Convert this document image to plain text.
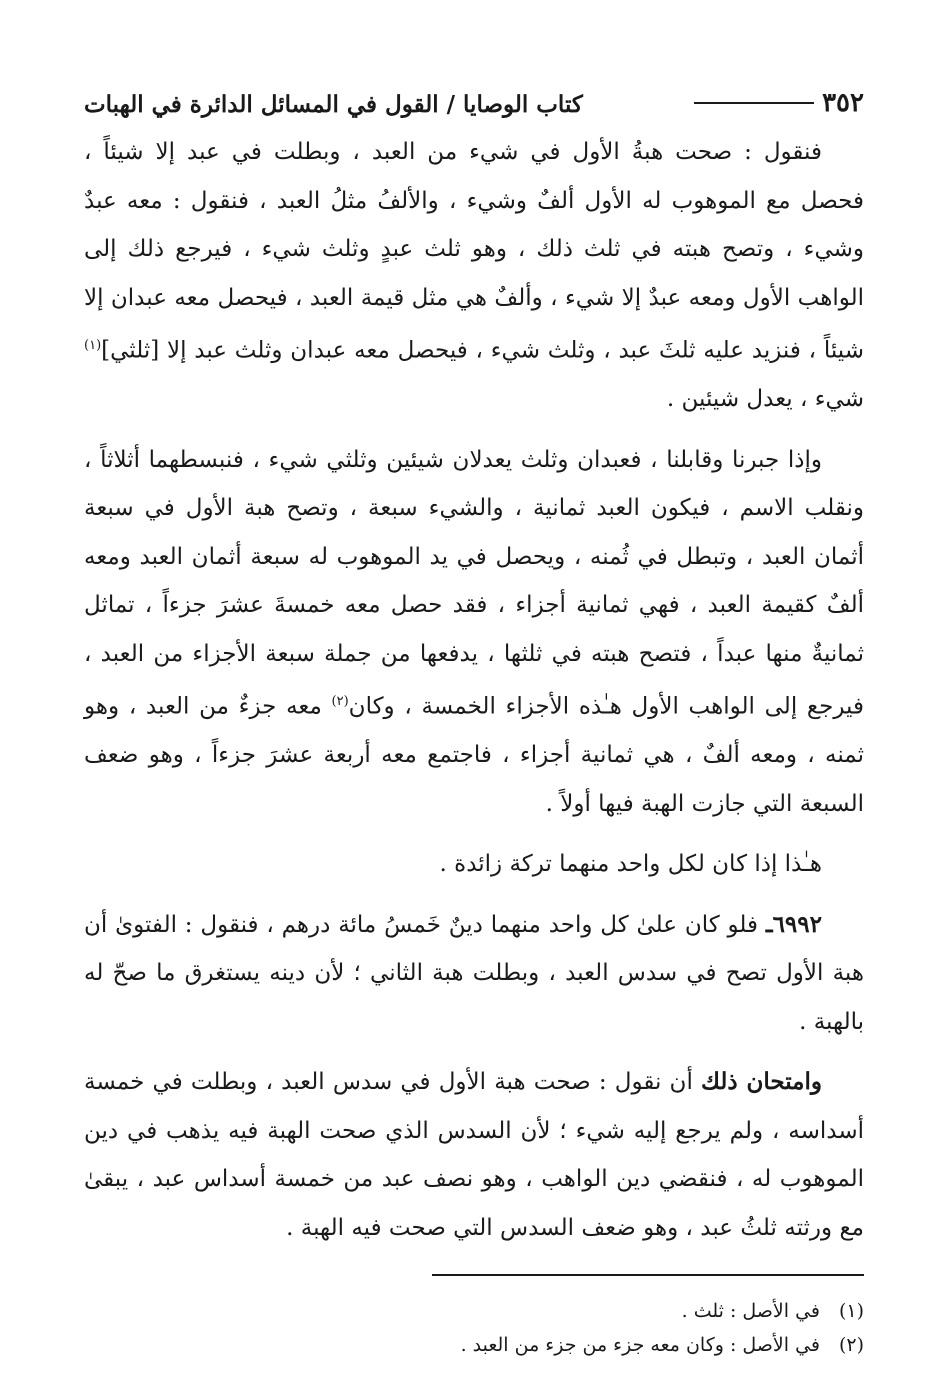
٣٥٢
كتاب الوصايا / القول في المسائل الدائرة في الهبات

فنقول : صحت هبةُ الأول في شيء من العبد ، وبطلت في عبد إلا شيئاً ، فحصل مع الموهوب له الأول ألفٌ وشيء ، والألفُ مثلُ العبد ، فنقول : معه عبدٌ وشيء ، وتصح هبته في ثلث ذلك ، وهو ثلث عبدٍ وثلث شيء ، فيرجع ذلك إلى الواهب الأول ومعه عبدٌ إلا شيء ، وألفٌ هي مثل قيمة العبد ، فيحصل معه عبدان إلا شيئاً ، فنزيد عليه ثلثَ عبد ، وثلث شيء ، فيحصل معه عبدان وثلث عبد إلا [ثلثي]$^{(١)}$ شيء ، يعدل شيئين .

وإذا جبرنا وقابلنا ، فعبدان وثلث يعدلان شيئين وثلثي شيء ، فنبسطهما أثلاثاً ، ونقلب الاسم ، فيكون العبد ثمانية ، والشيء سبعة ، وتصح هبة الأول في سبعة أثمان العبد ، وتبطل في ثُمنه ، ويحصل في يد الموهوب له سبعة أثمان العبد ومعه ألفٌ كقيمة العبد ، فهي ثمانية أجزاء ، فقد حصل معه خمسةَ عشرَ جزءاً ، تماثل ثمانيةٌ منها عبداً ، فتصح هبته في ثلثها ، يدفعها من جملة سبعة الأجزاء من العبد ، فيرجع إلى الواهب الأول هـٰذه الأجزاء الخمسة ، وكان$^{(٢)}$ معه جزءٌ من العبد ، وهو ثمنه ، ومعه ألفٌ ، هي ثمانية أجزاء ، فاجتمع معه أربعة عشرَ جزءاً ، وهو ضعف السبعة التي جازت الهبة فيها أولاً .

هـٰذا إذا كان لكل واحد منهما تركة زائدة .

٦٩٩٢ـ فلو كان علىٰ كل واحد منهما دينٌ خَمسُ مائة درهم ، فنقول : الفتوىٰ أن هبة الأول تصح في سدس العبد ، وبطلت هبة الثاني ؛ لأن دينه يستغرق ما صحّ له بالهبة .

وامتحان ذلك أن نقول : صحت هبة الأول في سدس العبد ، وبطلت في خمسة أسداسه ، ولم يرجع إليه شيء ؛ لأن السدس الذي صحت الهبة فيه يذهب في دين الموهوب له ، فنقضي دين الواهب ، وهو نصف عبد من خمسة أسداس عبد ، يبقىٰ مع ورثته ثلثُ عبد ، وهو ضعف السدس التي صحت فيه الهبة .

(١)
في الأصل : ثلث .
(٢)
في الأصل : وكان معه جزء من جزء من العبد .
